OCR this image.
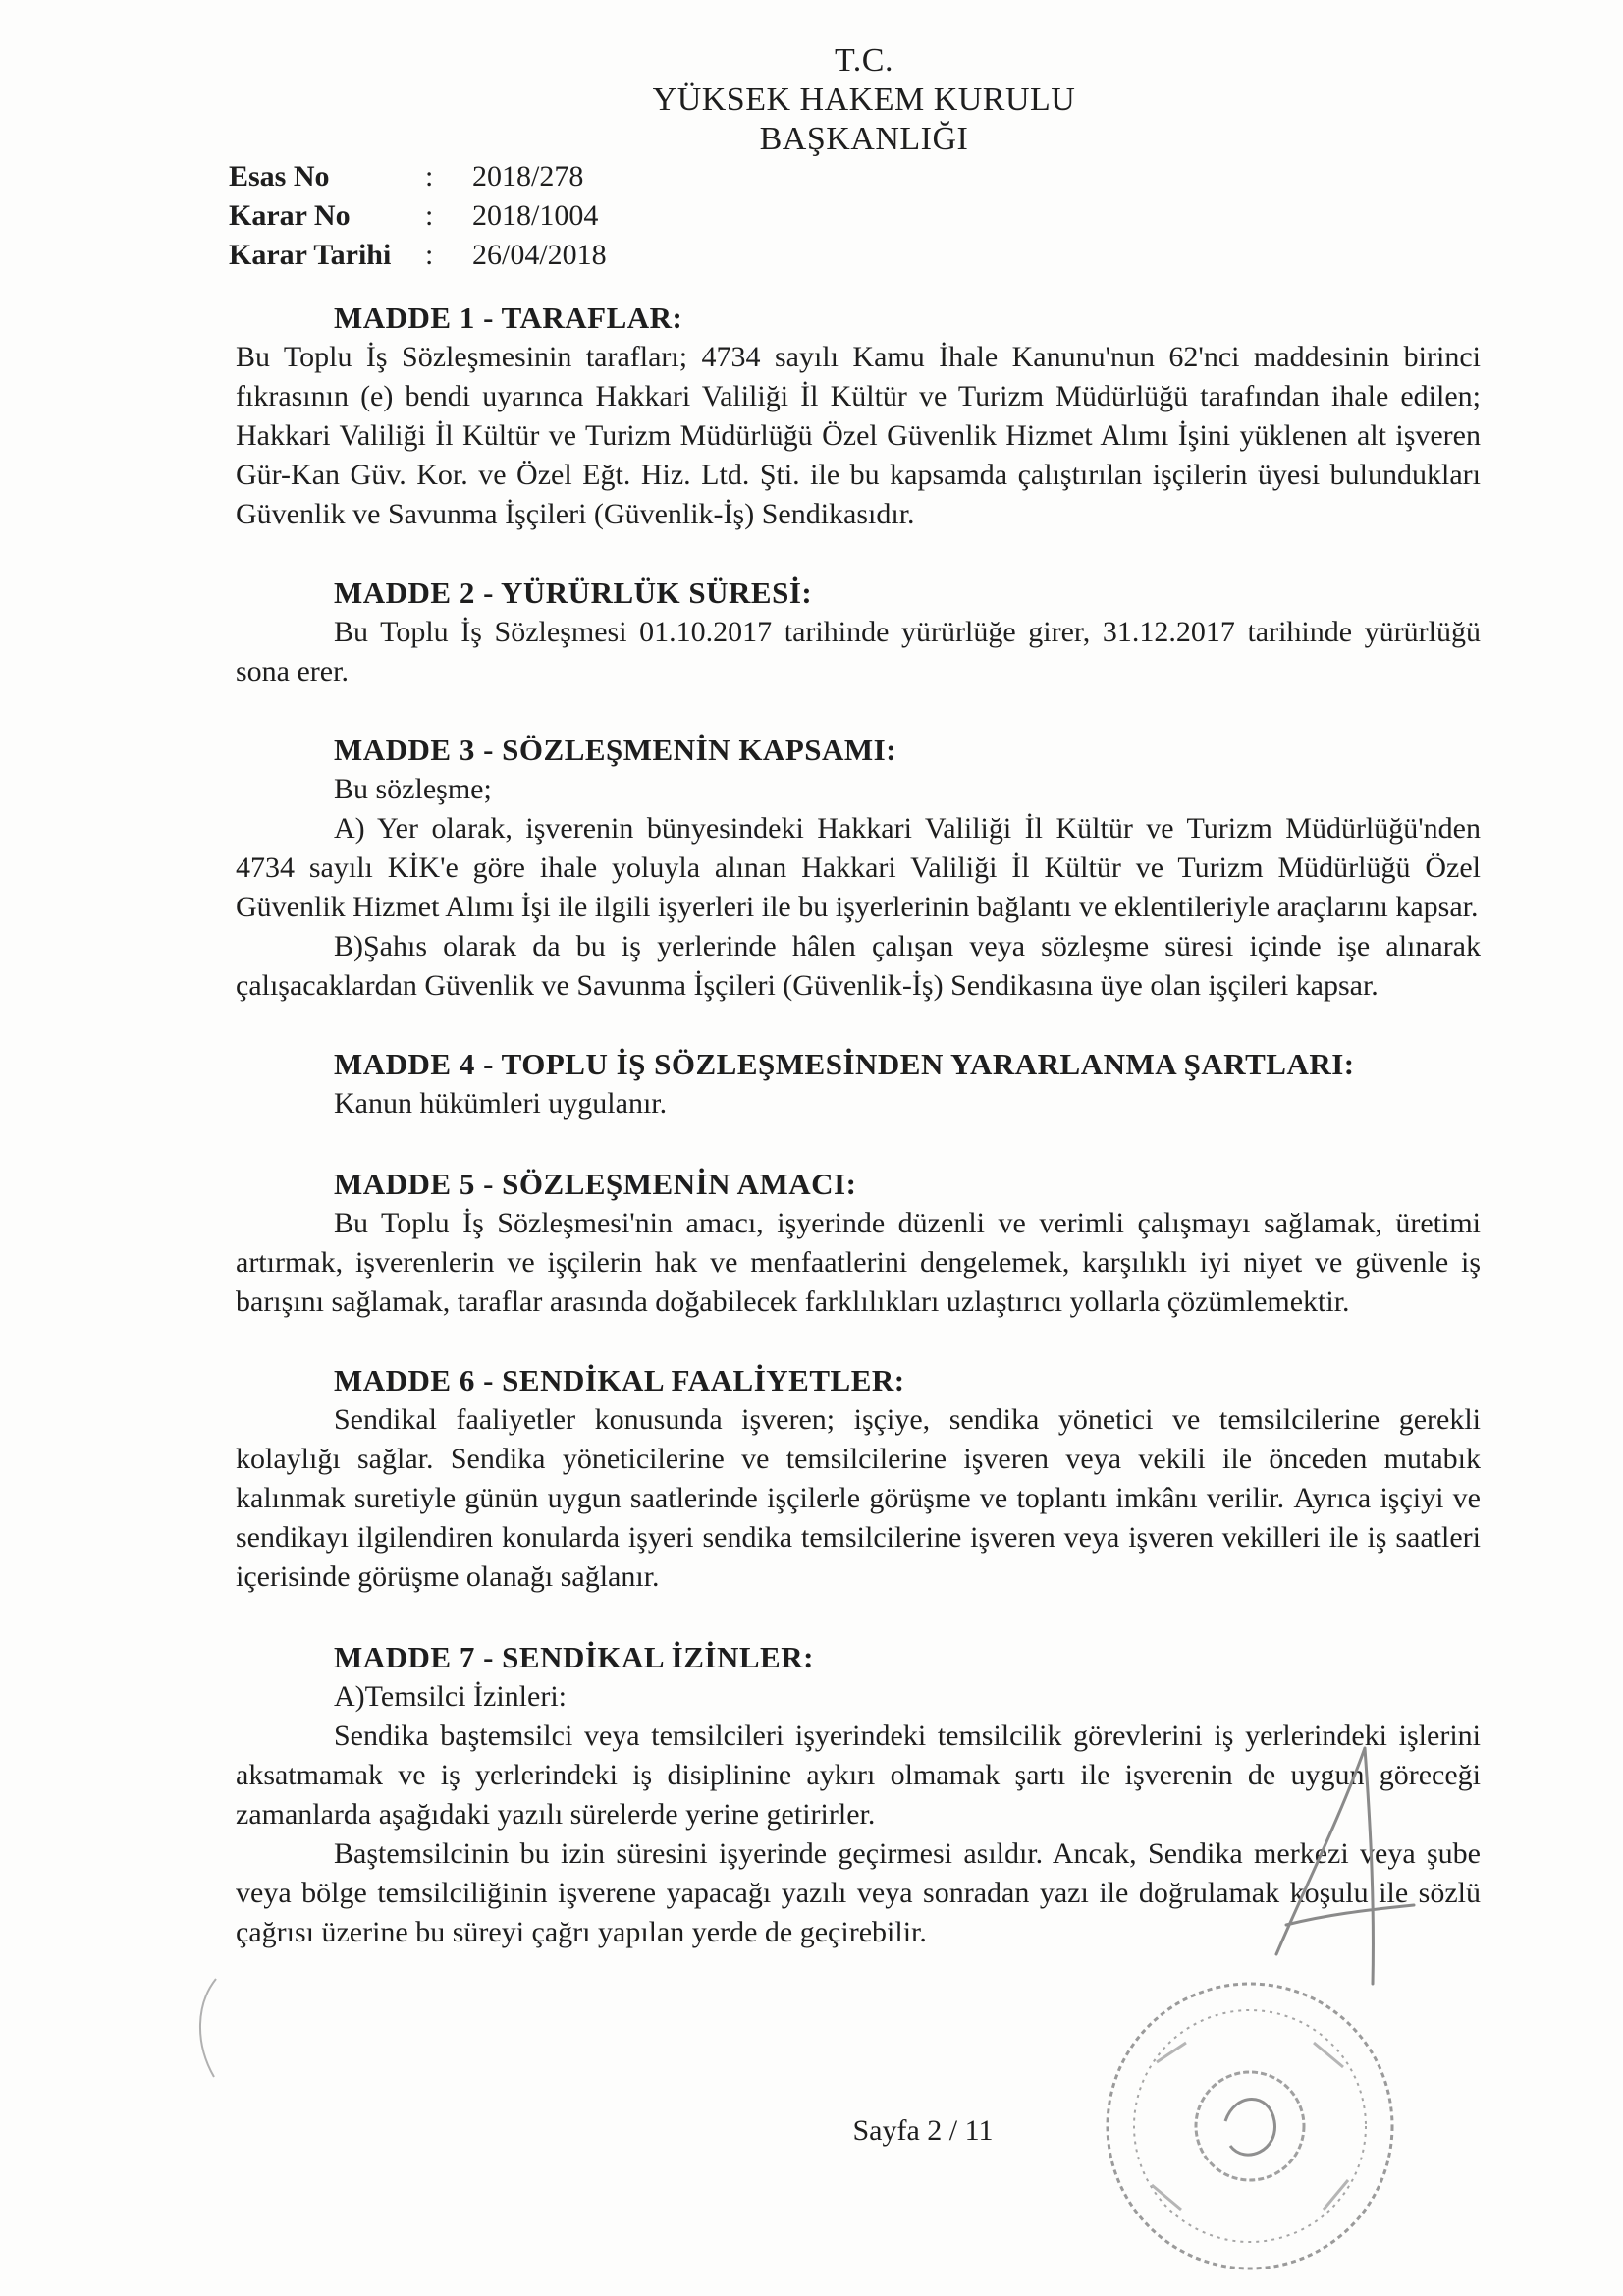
T.C.
YÜKSEK HAKEM KURULU
BAŞKANLIĞI
Esas No	:	2018/278
Karar No	:	2018/1004
Karar Tarihi	:	26/04/2018
MADDE 1 - TARAFLAR:

Bu Toplu İş Sözleşmesinin tarafları; 4734 sayılı Kamu İhale Kanunu'nun 62'nci maddesinin birinci fıkrasının (e) bendi uyarınca Hakkari Valiliği İl Kültür ve Turizm Müdürlüğü tarafından ihale edilen; Hakkari Valiliği İl Kültür ve Turizm Müdürlüğü Özel Güvenlik Hizmet Alımı İşini yüklenen alt işveren Gür-Kan Güv. Kor. ve Özel Eğt. Hiz. Ltd. Şti. ile bu kapsamda çalıştırılan işçilerin üyesi bulundukları Güvenlik ve Savunma İşçileri (Güvenlik-İş) Sendikasıdır.

MADDE 2 - YÜRÜRLÜK SÜRESİ:

Bu Toplu İş Sözleşmesi 01.10.2017 tarihinde yürürlüğe girer, 31.12.2017 tarihinde yürürlüğü sona erer.

MADDE 3 - SÖZLEŞMENİN KAPSAMI:

Bu sözleşme;

A) Yer olarak, işverenin bünyesindeki Hakkari Valiliği İl Kültür ve Turizm Müdürlüğü'nden 4734 sayılı KİK'e göre ihale yoluyla alınan Hakkari Valiliği İl Kültür ve Turizm Müdürlüğü Özel Güvenlik Hizmet Alımı İşi ile ilgili işyerleri ile bu işyerlerinin bağlantı ve eklentileriyle araçlarını kapsar.

B)Şahıs olarak da bu iş yerlerinde hâlen çalışan veya sözleşme süresi içinde işe alınarak çalışacaklardan Güvenlik ve Savunma İşçileri (Güvenlik-İş) Sendikasına üye olan işçileri kapsar.

MADDE 4 - TOPLU İŞ SÖZLEŞMESİNDEN YARARLANMA ŞARTLARI:

Kanun hükümleri uygulanır.

MADDE 5 - SÖZLEŞMENİN AMACI:

Bu Toplu İş Sözleşmesi'nin amacı, işyerinde düzenli ve verimli çalışmayı sağlamak, üretimi artırmak, işverenlerin ve işçilerin hak ve menfaatlerini dengelemek, karşılıklı iyi niyet ve güvenle iş barışını sağlamak, taraflar arasında doğabilecek farklılıkları uzlaştırıcı yollarla çözümlemektir.

MADDE 6 - SENDİKAL FAALİYETLER:

Sendikal faaliyetler konusunda işveren; işçiye, sendika yönetici ve temsilcilerine gerekli kolaylığı sağlar. Sendika yöneticilerine ve temsilcilerine işveren veya vekili ile önceden mutabık kalınmak suretiyle günün uygun saatlerinde işçilerle görüşme ve toplantı imkânı verilir. Ayrıca işçiyi ve sendikayı ilgilendiren konularda işyeri sendika temsilcilerine işveren veya işveren vekilleri ile iş saatleri içerisinde görüşme olanağı sağlanır.

MADDE 7 - SENDİKAL İZİNLER:

A)Temsilci İzinleri:

Sendika baştemsilci veya temsilcileri işyerindeki temsilcilik görevlerini iş yerlerindeki işlerini aksatmamak ve iş yerlerindeki iş disiplinine aykırı olmamak şartı ile işverenin de uygun göreceği zamanlarda aşağıdaki yazılı sürelerde yerine getirirler.

Baştemsilcinin bu izin süresini işyerinde geçirmesi asıldır. Ancak, Sendika merkezi veya şube veya bölge temsilciliğinin işverene yapacağı yazılı veya sonradan yazı ile doğrulamak koşulu ile sözlü çağrısı üzerine bu süreyi çağrı yapılan yerde de geçirebilir.

Sayfa 2 / 11
